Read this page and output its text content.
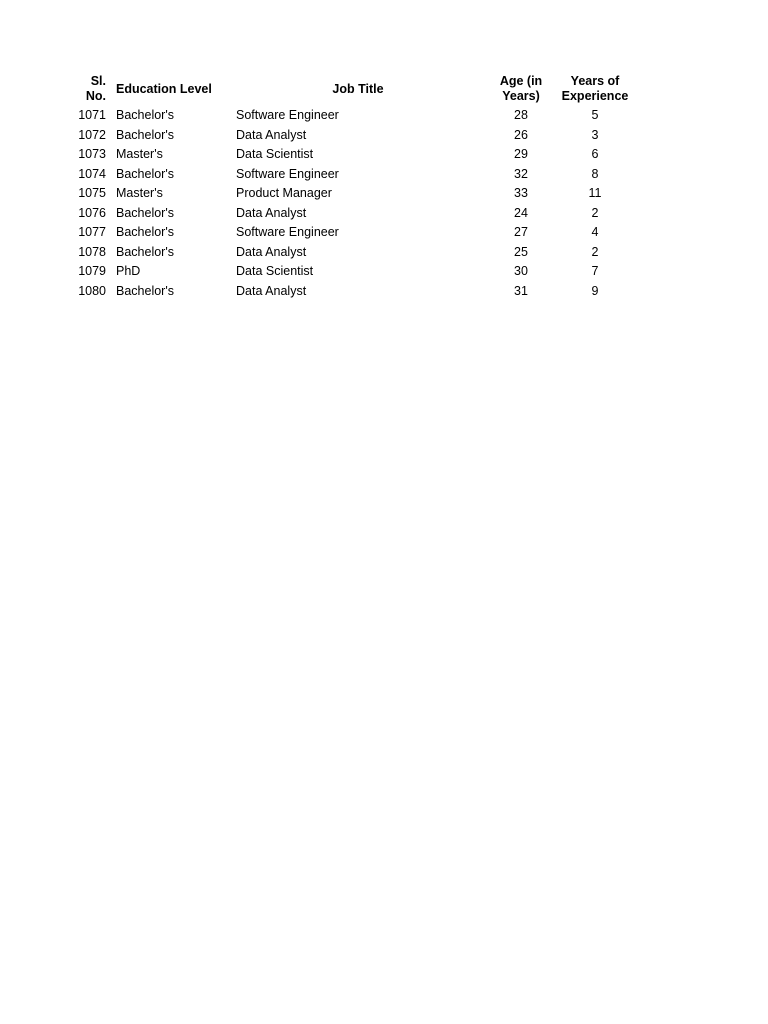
Sl. No.	Education Level	Job Title	Age (in Years)	Years of Experience
1071	Bachelor's	Software Engineer	28	5
1072	Bachelor's	Data Analyst	26	3
1073	Master's	Data Scientist	29	6
1074	Bachelor's	Software Engineer	32	8
1075	Master's	Product Manager	33	11
1076	Bachelor's	Data Analyst	24	2
1077	Bachelor's	Software Engineer	27	4
1078	Bachelor's	Data Analyst	25	2
1079	PhD	Data Scientist	30	7
1080	Bachelor's	Data Analyst	31	9
